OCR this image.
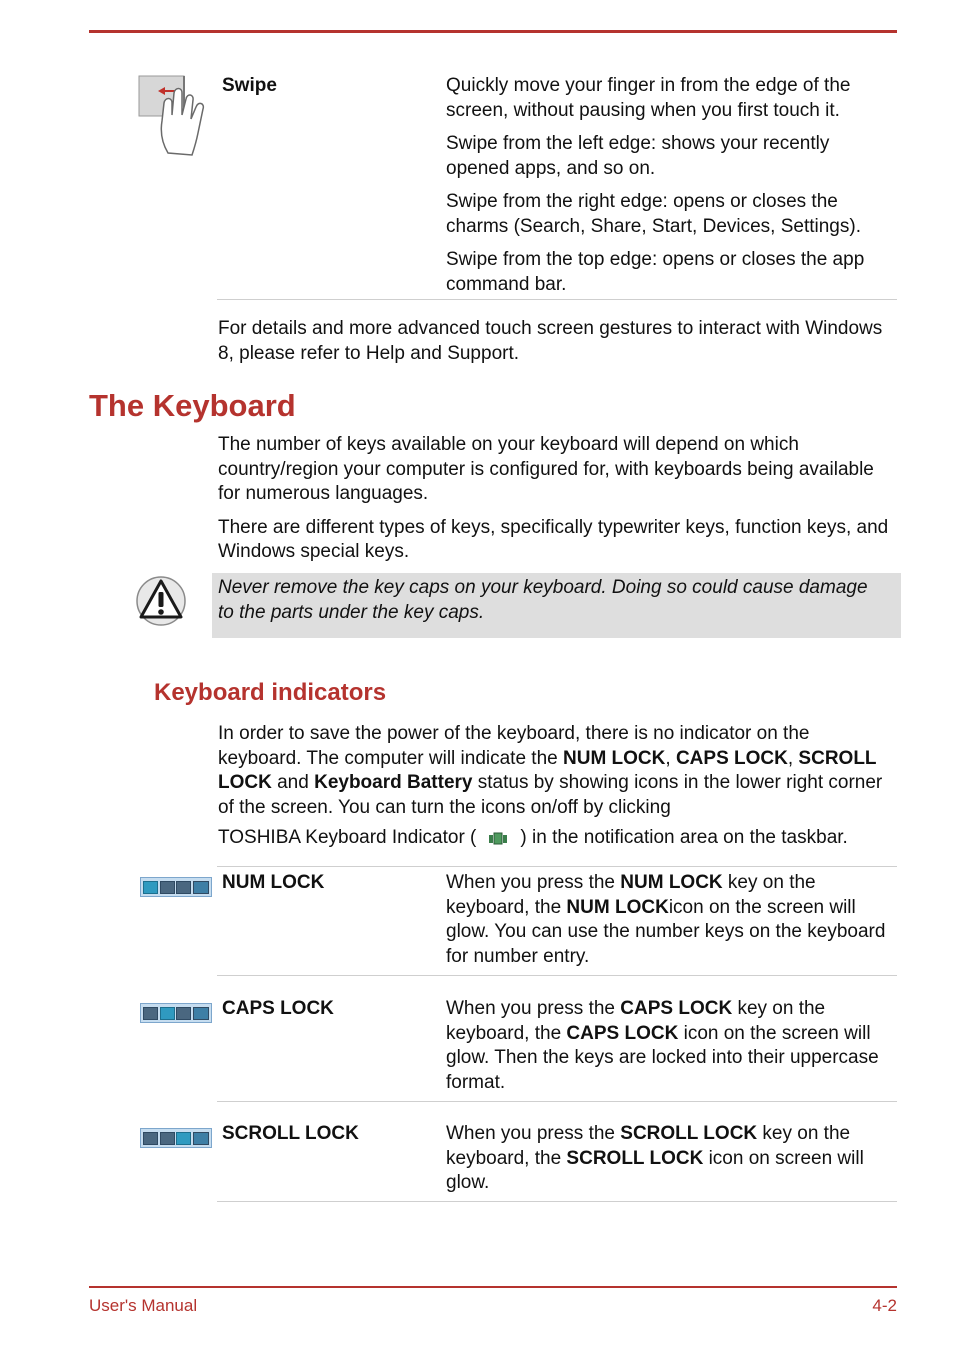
Swipe	Quickly move your finger in from the edge of the screen, without pausing when you first touch it.

Swipe from the left edge: shows your recently opened apps, and so on.

Swipe from the right edge: opens or closes the charms (Search, Share, Start, Devices, Settings).

Swipe from the top edge: opens or closes the app command bar.

For details and more advanced touch screen gestures to interact with Windows 8, please refer to Help and Support.

The Keyboard

The number of keys available on your keyboard will depend on which country/region your computer is configured for, with keyboards being available for numerous languages.

There are different types of keys, specifically typewriter keys, function keys, and Windows special keys.

Never remove the key caps on your keyboard. Doing so could cause damage to the parts under the key caps.

Keyboard indicators

In order to save the power of the keyboard, there is no indicator on the keyboard. The computer will indicate the NUM LOCK, CAPS LOCK, SCROLL LOCK and Keyboard Battery status by showing icons in the lower right corner of the screen. You can turn the icons on/off by clicking

TOSHIBA Keyboard Indicator ( ) in the notification area on the taskbar.

NUM LOCK	When you press the NUM LOCK key on the keyboard, the NUM LOCKicon on the screen will glow. You can use the number keys on the keyboard for number entry.

CAPS LOCK	When you press the CAPS LOCK key on the keyboard, the CAPS LOCK icon on the screen will glow. Then the keys are locked into their uppercase format.

SCROLL LOCK	When you press the SCROLL LOCK key on the keyboard, the SCROLL LOCK icon on screen will glow.

User's Manual	4-2
